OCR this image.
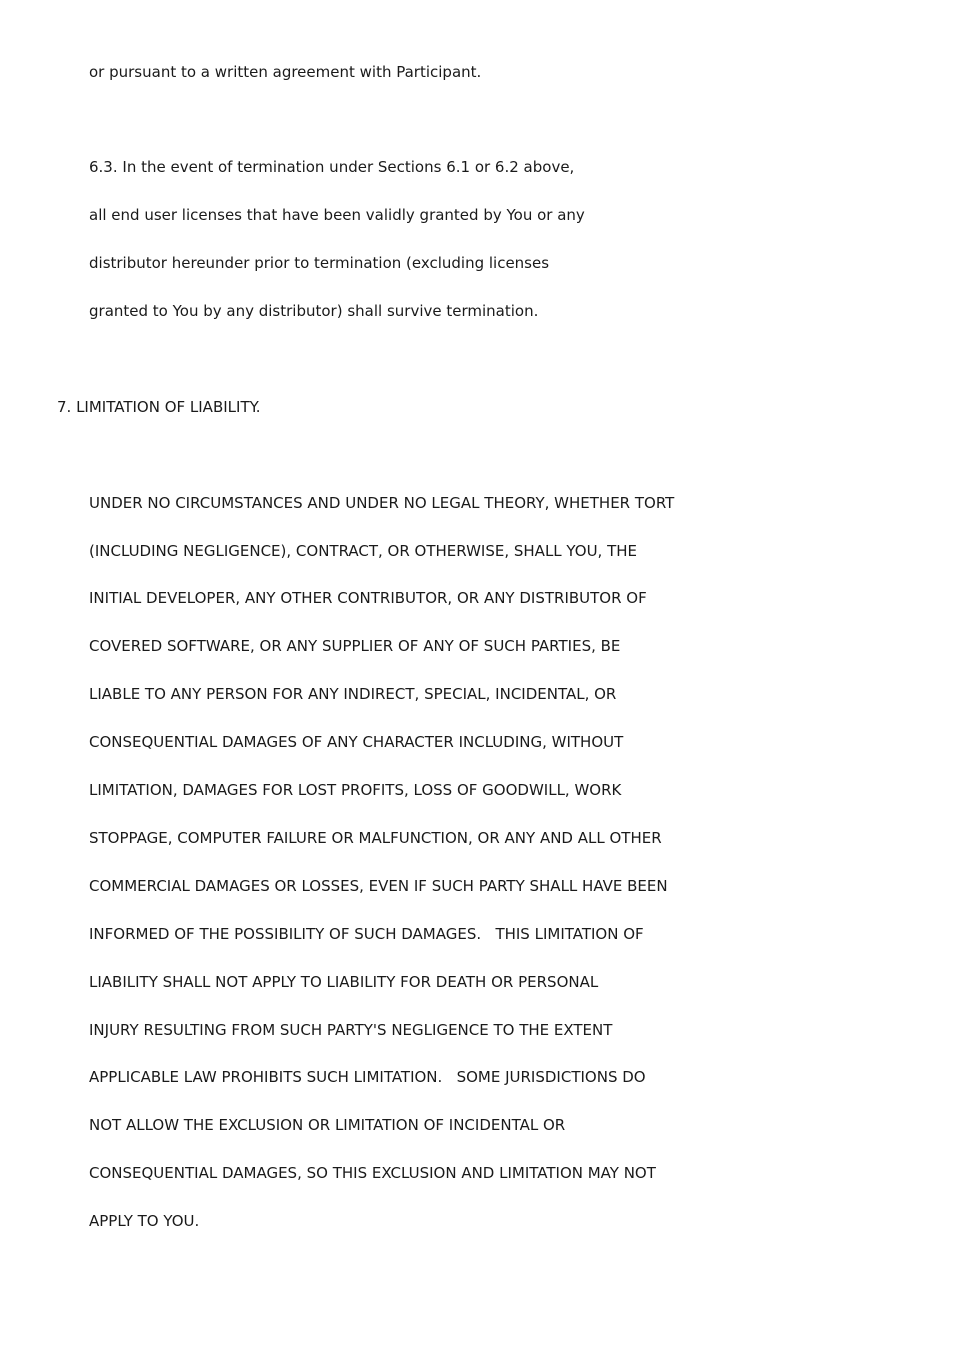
or pursuant to a written agreement with Participant.

6.3. In the event of termination under Sections 6.1 or 6.2 above,

all end user licenses that have been validly granted by You or any

distributor hereunder prior to termination (excluding licenses

granted to You by any distributor) shall survive termination.

7. LIMITATION OF LIABILITY.

UNDER NO CIRCUMSTANCES AND UNDER NO LEGAL THEORY, WHETHER TORT

(INCLUDING NEGLIGENCE), CONTRACT, OR OTHERWISE, SHALL YOU, THE

INITIAL DEVELOPER, ANY OTHER CONTRIBUTOR, OR ANY DISTRIBUTOR OF

COVERED SOFTWARE, OR ANY SUPPLIER OF ANY OF SUCH PARTIES, BE

LIABLE TO ANY PERSON FOR ANY INDIRECT, SPECIAL, INCIDENTAL, OR

CONSEQUENTIAL DAMAGES OF ANY CHARACTER INCLUDING, WITHOUT

LIMITATION, DAMAGES FOR LOST PROFITS, LOSS OF GOODWILL, WORK

STOPPAGE, COMPUTER FAILURE OR MALFUNCTION, OR ANY AND ALL OTHER

COMMERCIAL DAMAGES OR LOSSES, EVEN IF SUCH PARTY SHALL HAVE BEEN

INFORMED OF THE POSSIBILITY OF SUCH DAMAGES.   THIS LIMITATION OF

LIABILITY SHALL NOT APPLY TO LIABILITY FOR DEATH OR PERSONAL

INJURY RESULTING FROM SUCH PARTY'S NEGLIGENCE TO THE EXTENT

APPLICABLE LAW PROHIBITS SUCH LIMITATION.   SOME JURISDICTIONS DO

NOT ALLOW THE EXCLUSION OR LIMITATION OF INCIDENTAL OR

CONSEQUENTIAL DAMAGES, SO THIS EXCLUSION AND LIMITATION MAY NOT

APPLY TO YOU.
